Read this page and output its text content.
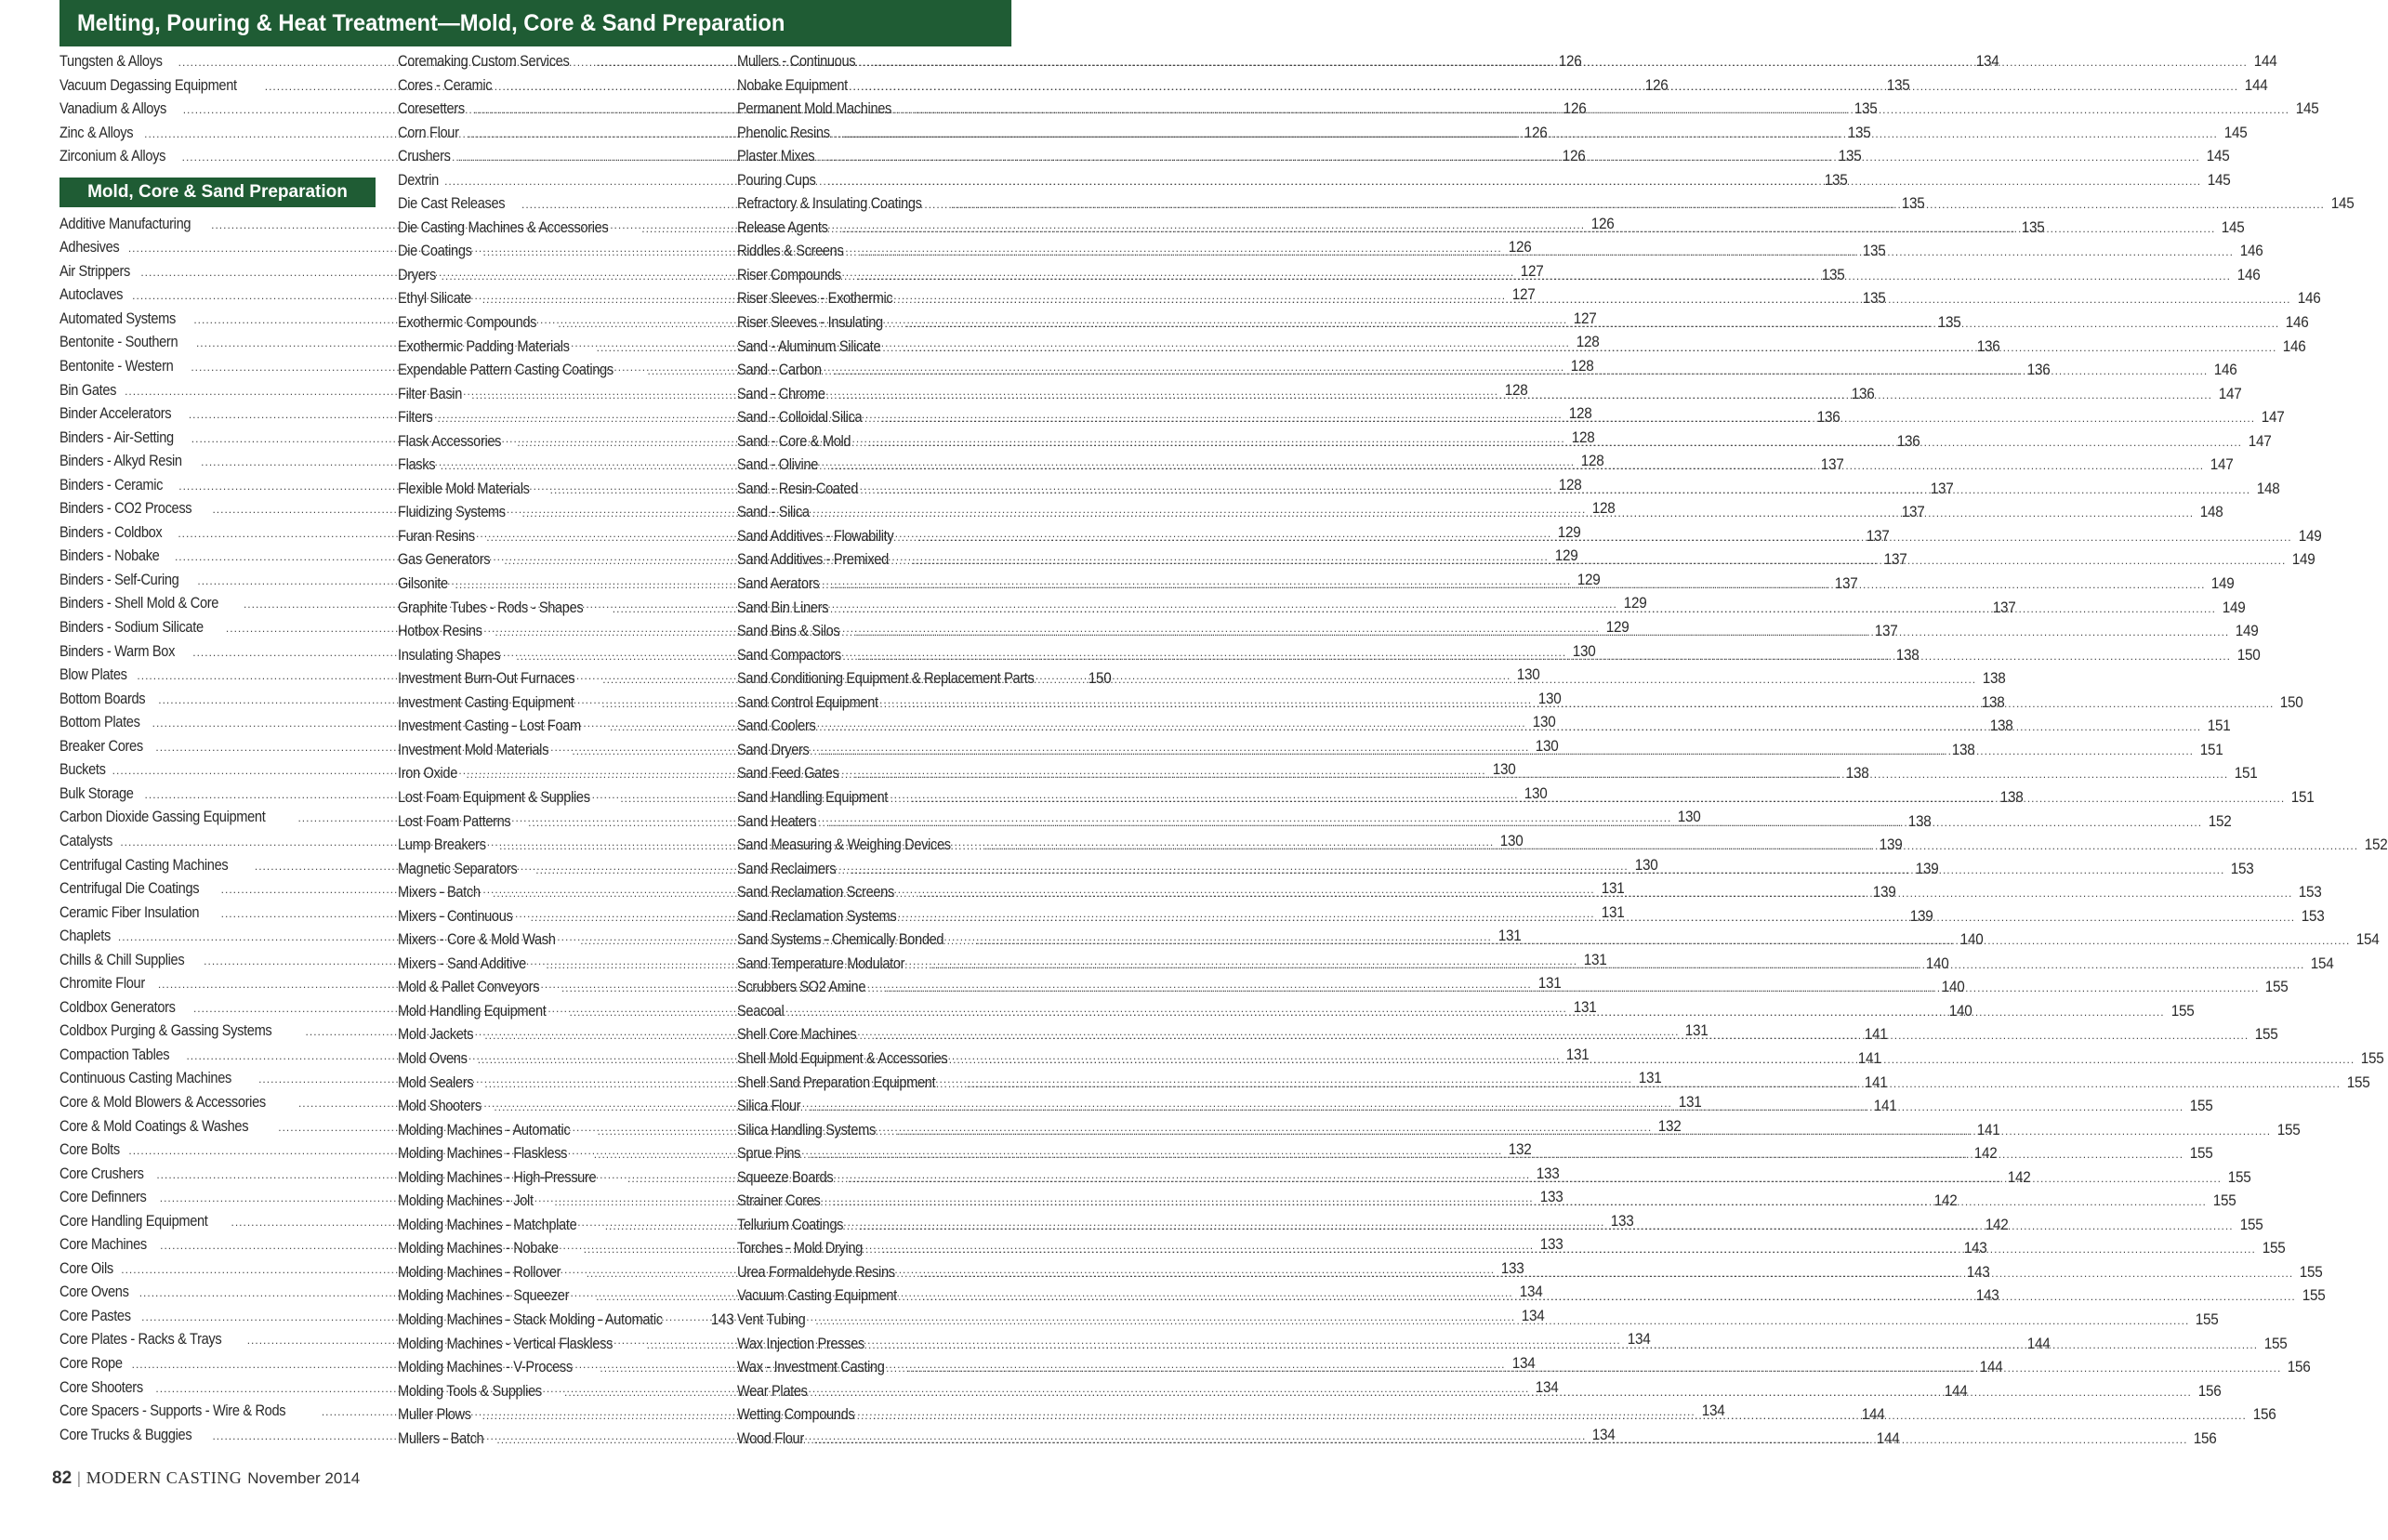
Melting, Pouring & Heat Treatment—Mold, Core & Sand Preparation
Tungsten & Alloys .....	126
Vacuum Degassing Equipment .....	126
Vanadium & Alloys .....	126
Zinc & Alloys .....	126
Zirconium & Alloys .....	126
Mold, Core & Sand Preparation
Additive Manufacturing .....	126
Adhesives .....	126
Air Strippers .....	127
Autoclaves .....	127
Automated Systems .....	127
Bentonite - Southern .....	128
Bentonite - Western .....	128
Bin Gates .....	128
Binder Accelerators .....	128
Binders - Air-Setting .....	128
Binders - Alkyd Resin .....	128
Binders - Ceramic .....	128
Binders - CO2 Process .....	128
Binders - Coldbox .....	129
Binders - Nobake .....	129
Binders - Self-Curing .....	129
Binders - Shell Mold & Core .....	129
Binders - Sodium Silicate .....	129
Binders - Warm Box .....	130
Blow Plates .....	130
Bottom Boards .....	130
Bottom Plates .....	130
Breaker Cores .....	130
Buckets .....	130
Bulk Storage .....	130
Carbon Dioxide Gassing Equipment .....	130
Catalysts .....	130
Centrifugal Casting Machines .....	130
Centrifugal Die Coatings .....	131
Ceramic Fiber Insulation .....	131
Chaplets .....	131
Chills & Chill Supplies .....	131
Chromite Flour .....	131
Coldbox Generators .....	131
Coldbox Purging & Gassing Systems .....	131
Compaction Tables .....	131
Continuous Casting Machines .....	131
Core & Mold Blowers & Accessories .....	131
Core & Mold Coatings & Washes .....	132
Core Bolts .....	132
Core Crushers .....	133
Core Definners .....	133
Core Handling Equipment .....	133
Core Machines .....	133
Core Oils .....	133
Core Ovens .....	134
Core Pastes .....	134
Core Plates - Racks & Trays .....	134
Core Rope .....	134
Core Shooters .....	134
Core Spacers - Supports - Wire & Rods .....	134
Core Trucks & Buggies .....	134
Coremaking Custom Services .....	134
Cores - Ceramic .....	135
Coresetters .....	135
Corn Flour .....	135
Crushers .....	135
Dextrin .....	135
Die Cast Releases .....	135
Die Casting Machines & Accessories .....	135
Die Coatings .....	135
Dryers .....	135
Ethyl Silicate .....	135
Exothermic Compounds .....	135
Exothermic Padding Materials .....	136
Expendable Pattern Casting Coatings .....	136
Filter Basin .....	136
Filters .....	136
Flask Accessories .....	136
Flasks .....	137
Flexible Mold Materials .....	137
Fluidizing Systems .....	137
Furan Resins .....	137
Gas Generators .....	137
Gilsonite .....	137
Graphite Tubes - Rods - Shapes .....	137
Hotbox Resins .....	137
Insulating Shapes .....	138
Investment Burn-Out Furnaces .....	138
Investment Casting Equipment .....	138
Investment Casting - Lost Foam .....	138
Investment Mold Materials .....	138
Iron Oxide .....	138
Lost Foam Equipment & Supplies .....	138
Lost Foam Patterns .....	138
Lump Breakers .....	139
Magnetic Separators .....	139
Mixers - Batch .....	139
Mixers - Continuous .....	139
Mixers - Core & Mold Wash .....	140
Mixers - Sand Additive .....	140
Mold & Pallet Conveyors .....	140
Mold Handling Equipment .....	140
Mold Jackets .....	141
Mold Ovens .....	141
Mold Sealers .....	141
Mold Shooters .....	141
Molding Machines - Automatic .....	141
Molding Machines - Flaskless .....	142
Molding Machines - High-Pressure .....	142
Molding Machines - Jolt .....	142
Molding Machines - Matchplate .....	142
Molding Machines - Nobake .....	143
Molding Machines - Rollover .....	143
Molding Machines - Squeezer .....	143
Molding Machines - Stack Molding - Automatic	143
Molding Machines - Vertical Flaskless .....	144
Molding Machines - V-Process .....	144
Molding Tools & Supplies .....	144
Muller Plows .....	144
Mullers - Batch .....	144
Mullers - Continuous .....	144
Nobake Equipment .....	144
Permanent Mold Machines .....	145
Phenolic Resins .....	145
Plaster Mixes .....	145
Pouring Cups .....	145
Refractory & Insulating Coatings .....	145
Release Agents .....	145
Riddles & Screens .....	146
Riser Compounds .....	146
Riser Sleeves - Exothermic .....	146
Riser Sleeves - Insulating .....	146
Sand - Aluminum Silicate .....	146
Sand - Carbon .....	146
Sand - Chrome .....	147
Sand - Colloidal Silica .....	147
Sand - Core & Mold .....	147
Sand - Olivine .....	147
Sand - Resin-Coated .....	148
Sand - Silica .....	148
Sand Additives - Flowability .....	149
Sand Additives - Premixed .....	149
Sand Aerators .....	149
Sand Bin Liners .....	149
Sand Bins & Silos .....	149
Sand Compactors .....	150
Sand Conditioning Equipment & Replacement Parts	150
Sand Control Equipment .....	150
Sand Coolers .....	151
Sand Dryers .....	151
Sand Feed Gates .....	151
Sand Handling Equipment .....	151
Sand Heaters .....	152
Sand Measuring & Weighing Devices .....	152
Sand Reclaimers .....	153
Sand Reclamation Screens .....	153
Sand Reclamation Systems .....	153
Sand Systems - Chemically Bonded .....	154
Sand Temperature Modulator .....	154
Scrubbers SO2 Amine .....	155
Seacoal .....	155
Shell Core Machines .....	155
Shell Mold Equipment & Accessories .....	155
Shell Sand Preparation Equipment .....	155
Silica Flour .....	155
Silica Handling Systems .....	155
Sprue Pins .....	155
Squeeze Boards .....	155
Strainer Cores .....	155
Tellurium Coatings .....	155
Torches - Mold Drying .....	155
Urea Formaldehyde Resins .....	155
Vacuum Casting Equipment .....	155
Vent Tubing .....	155
Wax Injection Presses .....	155
Wax - Investment Casting .....	156
Wear Plates .....	156
Wetting Compounds .....	156
Wood Flour .....	156
82 | MODERN CASTING November 2014
